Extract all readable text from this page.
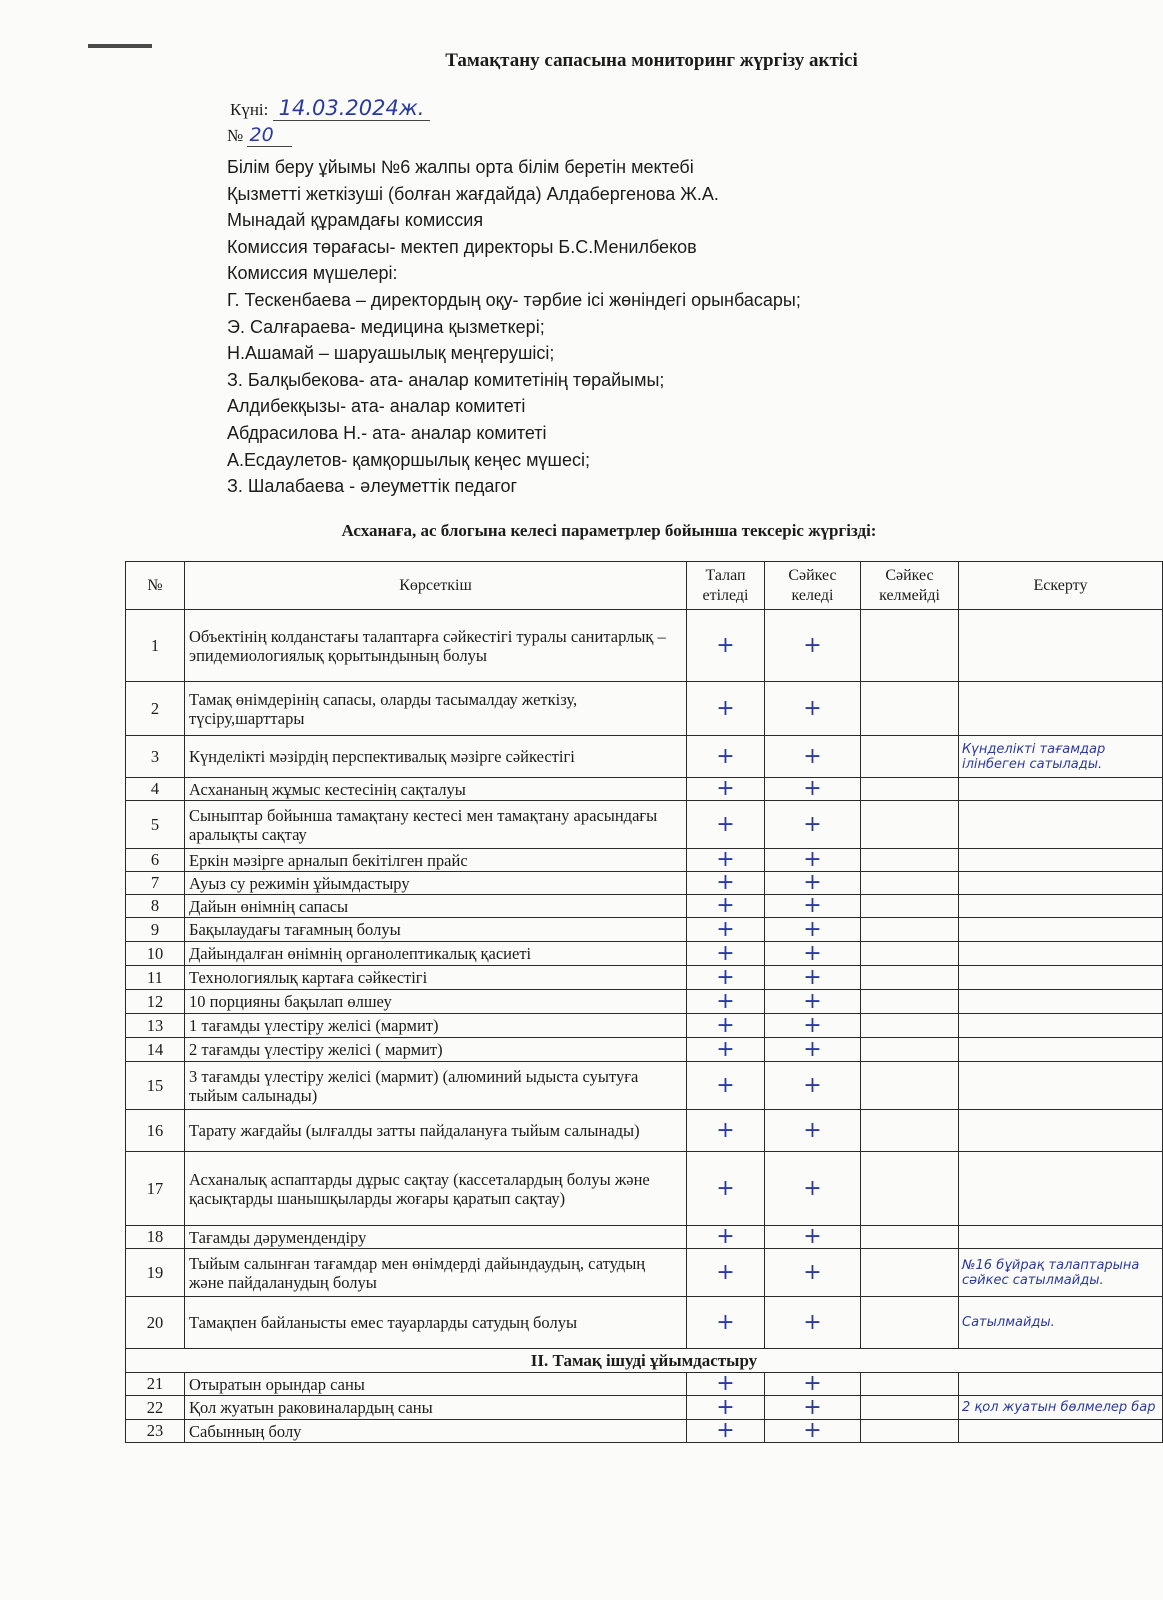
Тамақтану сапасына мониторинг жүргізу актісі
Күні: 14.03.2024ж.
№ 20
Білім беру ұйымы №6 жалпы орта білім беретін мектебі
Қызметті жеткізуші (болған жағдайда) Алдабергенова Ж.А.
Мынадай құрамдағы комиссия
Комиссия төрағасы- мектеп директоры Б.С.Менилбеков
Комиссия мүшелері:
Г. Тескенбаева – директордың оқу- тәрбие ісі жөніндегі орынбасары;
Э. Салғараева- медицина қызметкері;
Н.Ашамай – шаруашылық меңгерушісі;
З. Балқыбекова- ата- аналар комитетінің төрайымы;
Алдибекқызы- ата- аналар комитеті
Абдрасилова Н.- ата- аналар комитеті
А.Есдаулетов- қамқоршылық кеңес мүшесі;
З. Шалабаева - әлеуметтік педагог
Асханаға, ас блогына келесі параметрлер бойынша тексеріс жүргізді:
№	Көрсеткіш	Талап етіледі	Сәйкес келеді	Сәйкес келмейді	Ескерту
1	Объектінің колданстағы талаптарға сәйкестігі туралы санитарлық – эпидемиологиялық қорытындының болуы	+	+		
2	Тамақ өнімдерінің сапасы, оларды тасымалдау жеткізу, түсіру,шарттары	+	+		
3	Күнделікті мәзірдің перспективалық мәзірге сәйкестігі	+	+		Күнделікті тағамдар ілінбеген сатылады.
4	Асхананың жұмыс кестесінің сақталуы	+	+		
5	Сыныптар бойынша тамақтану кестесі мен тамақтану арасындағы аралықты сақтау	+	+		
6	Еркін мәзірге арналып бекітілген прайс	+	+		
7	Ауыз су режимін ұйымдастыру	+	+		
8	Дайын өнімнің сапасы	+	+		
9	Бақылаудағы тағамның болуы	+	+		
10	Дайындалған өнімнің органолептикалық қасиеті	+	+		
11	Технологиялық картаға сәйкестігі	+	+		
12	10 порцияны бақылап өлшеу	+	+		
13	1 тағамды үлестіру желісі (мармит)	+	+		
14	2 тағамды үлестіру желісі ( мармит)	+	+		
15	3 тағамды үлестіру желісі (мармит) (алюминий ыдыста суытуға тыйым салынады)	+	+		
16	Тарату жағдайы (ылғалды затты пайдалануға тыйым салынады)	+	+		
17	Асханалық аспаптарды дұрыс сақтау (кассеталардың болуы және қасықтарды шанышқыларды жоғары қаратып сақтау)	+	+		
18	Тағамды дәрумендендіру	+	+		
19	Тыйым салынған тағамдар мен өнімдерді дайындаудың, сатудың және пайдаланудың болуы	+	+		№16 бұйрақ талаптарына сәйкес сатылмайды.
20	Тамақпен байланысты емес тауарларды сатудың болуы	+	+		Сатылмайды.
II. Тамақ ішуді ұйымдастыру					
21	Отыратын орындар саны	+	+		
22	Қол жуатын раковиналардың саны	+	+		2 қол жуатын бөлмелер бар
23	Сабынның болу	+	+		
